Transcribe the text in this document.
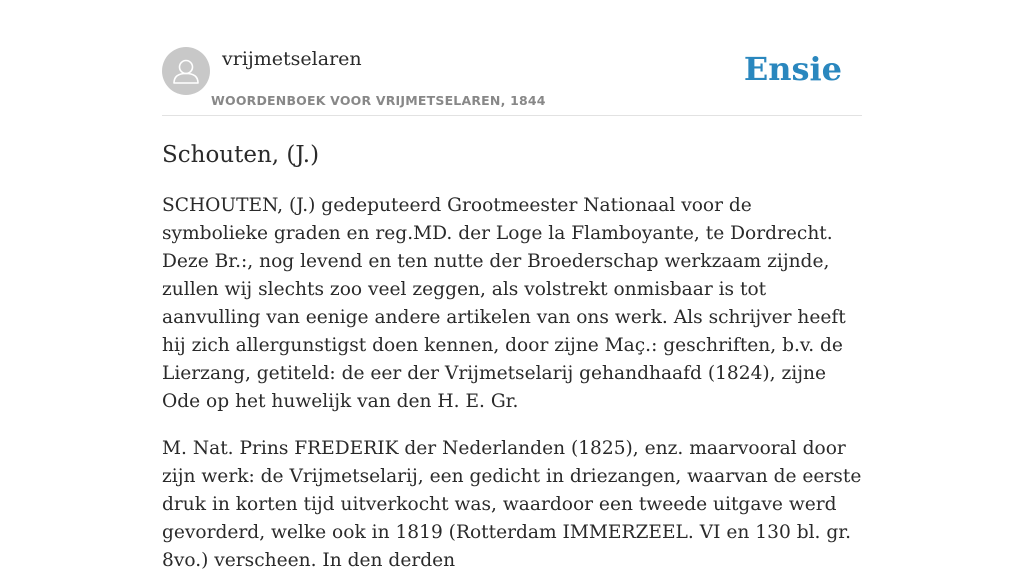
vrijmetselaren
WOORDENBOEK VOOR VRIJMETSELAREN, 1844
Ensie
Schouten, (J.)

SCHOUTEN, (J.) gedeputeerd Grootmeester Nationaal voor de symbolieke graden en reg.MD. der Loge la Flamboyante, te Dordrecht. Deze Br.:, nog levend en ten nutte der Broederschap werkzaam zijnde, zullen wij slechts zoo veel zeggen, als volstrekt onmisbaar is tot aanvulling van eenige andere artikelen van ons werk. Als schrijver heeft hij zich allergunstigst doen kennen, door zijne Maç.: geschriften, b.v. de Lierzang, getiteld: de eer der Vrijmetselarij gehandhaafd (1824), zijne Ode op het huwelijk van den H. E. Gr.

M. Nat. Prins FREDERIK der Nederlanden (1825), enz. maarvooral door zijn werk: de Vrijmetselarij, een gedicht in driezangen, waarvan de eerste druk in korten tijd uitverkocht was, waardoor een tweede uitgave werd gevorderd, welke ook in 1819 (Rotterdam IMMERZEEL. VI en 130 bl. gr. 8vo.) verscheen. In den derden
